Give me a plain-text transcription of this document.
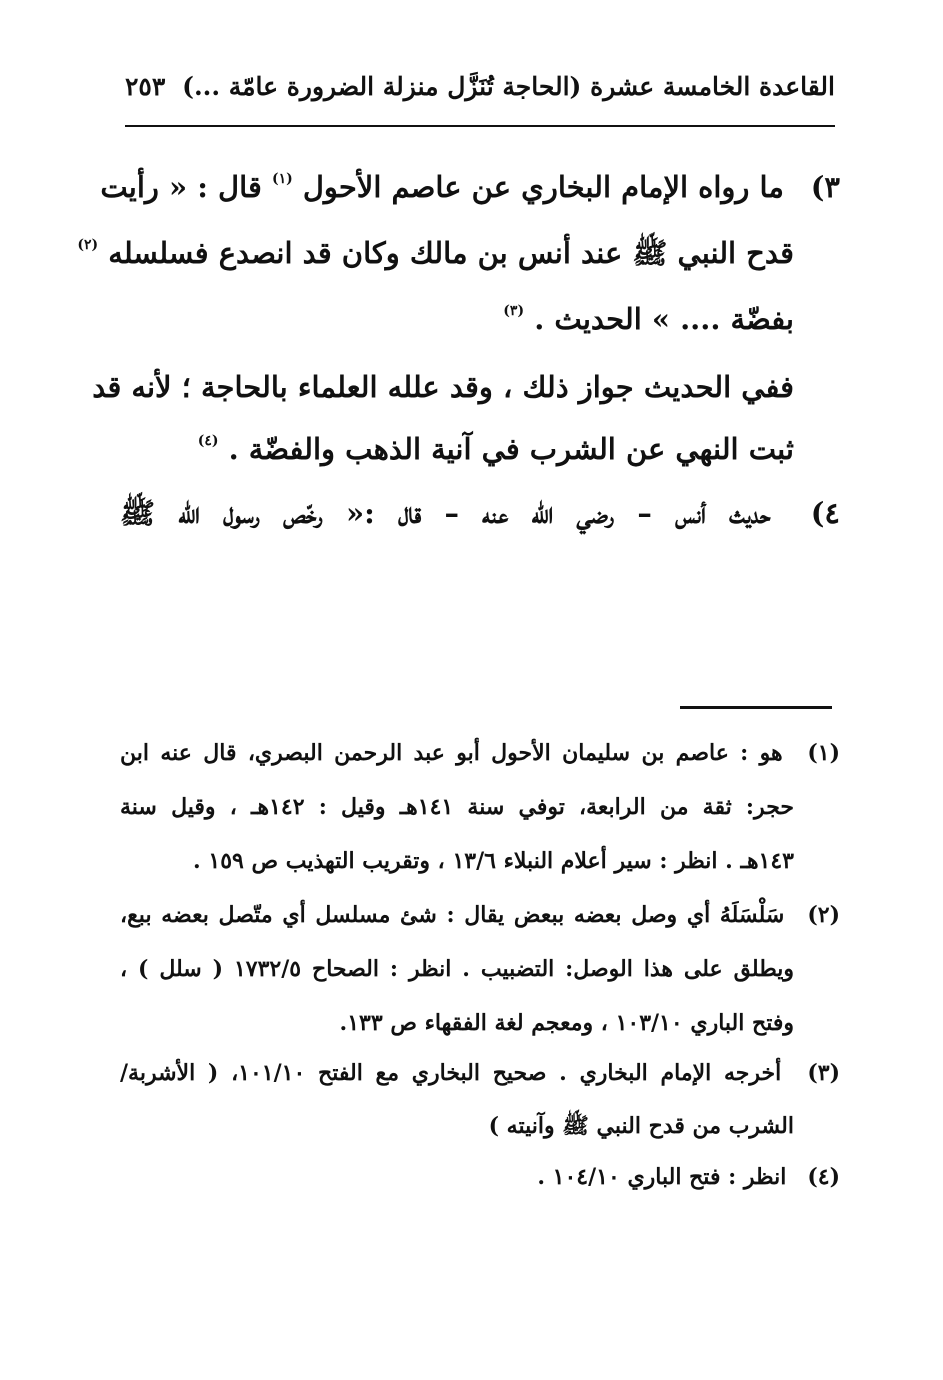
القاعدة الخامسة عشرة (الحاجة تُنَزَّل منزلة الضرورة عامّة ...)
٢٥٣
٣) ما رواه الإمام البخاري عن عاصم الأحول $^{(١)}$ قال : « رأيت
قدح النبي ﷺ عند أنس بن مالك وكان قد انصدع فسلسله $^{(٢)}$
بفضّة .... » الحديث . $^{(٣)}$
ففي الحديث جواز ذلك ، وقد علله العلماء بالحاجة ؛ لأنه قد
ثبت النهي عن الشرب في آنية الذهب والفضّة . $^{(٤)}$
٤) حديث أنس – رضي الله عنه – قال :« رخّص رسول الله ﷺ
(١) هو : عاصم بن سليمان الأحول أبو عبد الرحمن البصري، قال عنه ابن
حجر: ثقة من الرابعة، توفي سنة ١٤١هـ وقيل : ١٤٢هـ ، وقيل سنة
١٤٣هـ . انظر : سير أعلام النبلاء ١٣/٦ ، وتقريب التهذيب ص ١٥٩ .
(٢) سَلْسَلَهُ أي وصل بعضه ببعض يقال : شئ مسلسل أي متّصل بعضه ببع،
ويطلق على هذا الوصل: التضبيب . انظر : الصحاح ١٧٣٢/٥ ( سلل ) ،
وفتح الباري ١٠٣/١٠ ، ومعجم لغة الفقهاء ص ١٣٣.
(٣) أخرجه الإمام البخاري . صحيح البخاري مع الفتح ١٠١/١٠، ( الأشربة/
الشرب من قدح النبي ﷺ وآنيته )
(٤) انظر : فتح الباري ١٠٤/١٠ .
